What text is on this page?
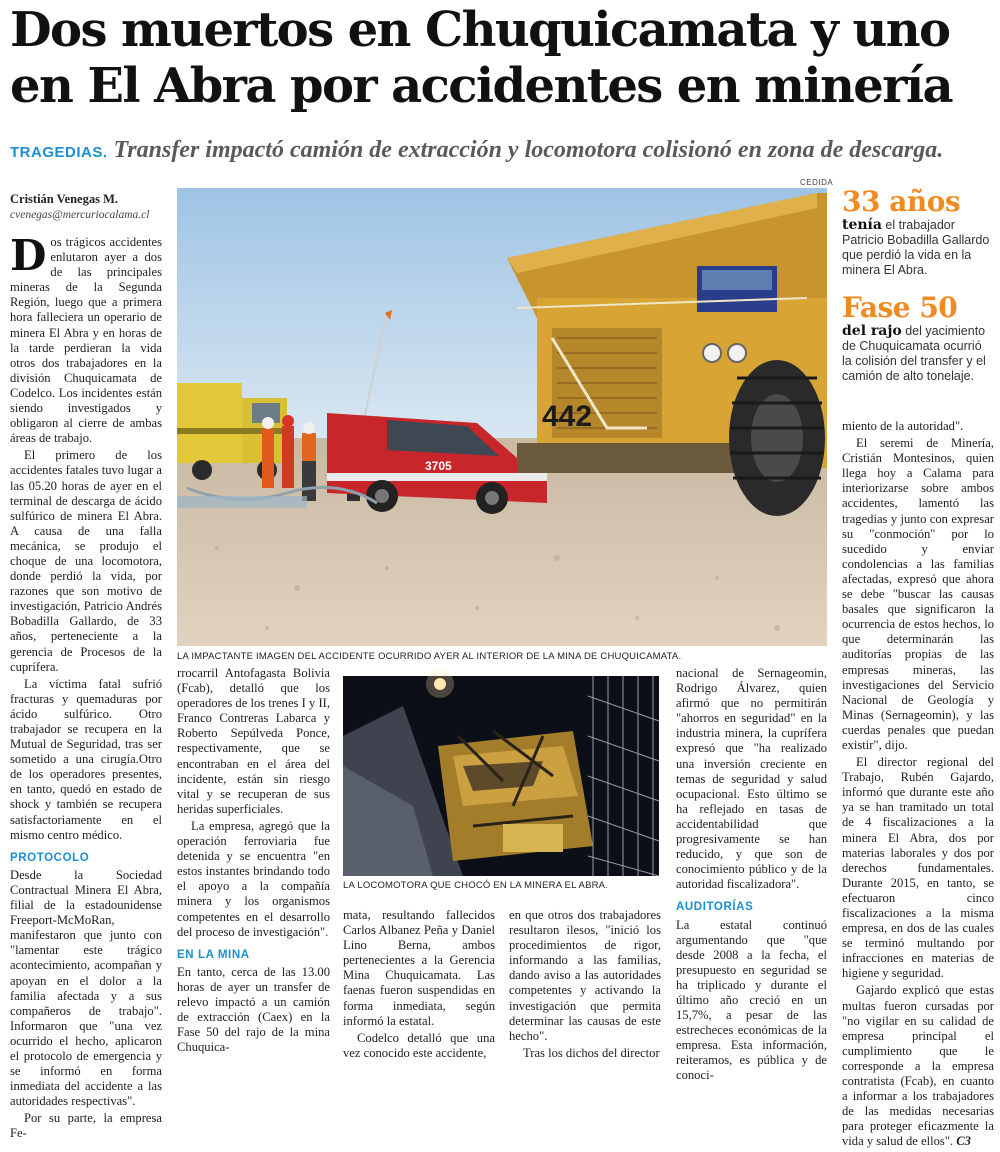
Dos muertos en Chuquicamata y uno
en El Abra por accidentes en minería
TRAGEDIAS. Transfer impactó camión de extracción y locomotora colisionó en zona de descarga.
Cristián Venegas M.
cvenegas@mercuriocalama.cl
CEDIDA
3705
442
LA IMPACTANTE IMAGEN DEL ACCIDENTE OCURRIDO AYER AL INTERIOR DE LA MINA DE CHUQUICAMATA.
LA LOCOMOTORA QUE CHOCÓ EN LA MINERA EL ABRA.
33 años
tenía el trabajador Patricio Bobadilla Gallardo que perdió la vida en la minera El Abra.
Fase 50
del rajo del yacimiento de Chuquicamata ocurrió la colisión del transfer y el camión de alto tonelaje.

Dos trágicos accidentes enlutaron ayer a dos de las principales mineras de la Segunda Región, luego que a primera hora falleciera un operario de minera El Abra y en horas de la tarde perdieran la vida otros dos trabajadores en la división Chuquicamata de Codelco. Los incidentes están siendo investigados y obligaron al cierre de ambas áreas de trabajo.

El primero de los accidentes fatales tuvo lugar a las 05.20 horas de ayer en el terminal de descarga de ácido sulfúrico de minera El Abra. A causa de una falla mecánica, se produjo el choque de una locomotora, donde perdió la vida, por razones que son motivo de investigación, Patricio Andrés Bobadilla Gallardo, de 33 años, perteneciente a la gerencia de Procesos de la cuprífera.

La víctima fatal sufrió fracturas y quemaduras por ácido sulfúrico. Otro trabajador se recupera en la Mutual de Seguridad, tras ser sometido a una cirugía.Otro de los operadores presentes, en tanto, quedó en estado de shock y también se recupera satisfactoriamente en el mismo centro médico.

PROTOCOLO

Desde la Sociedad Contractual Minera El Abra, filial de la estadounidense Freeport-McMoRan, manifestaron que junto con "lamentar este trágico acontecimiento, acompañan y apoyan en el dolor a la familia afectada y a sus compañeros de trabajo". Informaron que "una vez ocurrido el hecho, aplicaron el protocolo de emergencia y se informó en forma inmediata del accidente a las autoridades respectivas".

Por su parte, la empresa Fe-

rrocarril Antofagasta Bolivia (Fcab), detalló que los operadores de los trenes I y II, Franco Contreras Labarca y Roberto Sepúlveda Ponce, respectivamente, que se encontraban en el área del incidente, están sin riesgo vital y se recuperan de sus heridas superficiales.

La empresa, agregó que la operación ferroviaria fue detenida y se encuentra "en estos instantes brindando todo el apoyo a la compañía minera y los organismos competentes en el desarrollo del proceso de investigación".

EN LA MINA

En tanto, cerca de las 13.00 horas de ayer un transfer de relevo impactó a un camión de extracción (Caex) en la Fase 50 del rajo de la mina Chuquica-

mata, resultando fallecidos Carlos Albanez Peña y Daniel Lino Berna, ambos pertenecientes a la Gerencia Mina Chuquicamata. Las faenas fueron suspendidas en forma inmediata, según informó la estatal.

Codelco detalló que una vez conocido este accidente,

en que otros dos trabajadores resultaron ilesos, "inició los procedimientos de rigor, informando a las familias, dando aviso a las autoridades competentes y activando la investigación que permita determinar las causas de este hecho".

Tras los dichos del director

nacional de Sernageomin, Rodrigo Álvarez, quien afirmó que no permitirán "ahorros en seguridad" en la industria minera, la cuprífera expresó que "ha realizado una inversión creciente en temas de seguridad y salud ocupacional. Esto último se ha reflejado en tasas de accidentabilidad que progresivamente se han reducido, y que son de conocimiento público y de la autoridad fiscalizadora".

AUDITORÍAS

La estatal continuó argumentando que "que desde 2008 a la fecha, el presupuesto en seguridad se ha triplicado y durante el último año creció en un 15,7%, a pesar de las estrecheces económicas de la empresa. Esta información, reiteramos, es pública y de conoci-

miento de la autoridad".

El seremi de Minería, Cristián Montesinos, quien llega hoy a Calama para interiorizarse sobre ambos accidentes, lamentó las tragedias y junto con expresar su "conmoción" por lo sucedido y enviar condolencias a las familias afectadas, expresó que ahora se debe "buscar las causas basales que significaron la ocurrencia de estos hechos, lo que determinarán las auditorías propias de las empresas mineras, las investigaciones del Servicio Nacional de Geología y Minas (Sernageomin), y las cuerdas penales que puedan existir", dijo.

El director regional del Trabajo, Rubén Gajardo, informó que durante este año ya se han tramitado un total de 4 fiscalizaciones a la minera El Abra, dos por materias laborales y dos por derechos fundamentales. Durante 2015, en tanto, se efectuaron cinco fiscalizaciones a la misma empresa, en dos de las cuales se terminó multando por infracciones en materias de higiene y seguridad.

Gajardo explicó que estas multas fueron cursadas por "no vigilar en su calidad de empresa principal el cumplimiento que le corresponde a la empresa contratista (Fcab), en cuanto a informar a los trabajadores de las medidas necesarias para proteger eficazmente la vida y salud de ellos". C3
